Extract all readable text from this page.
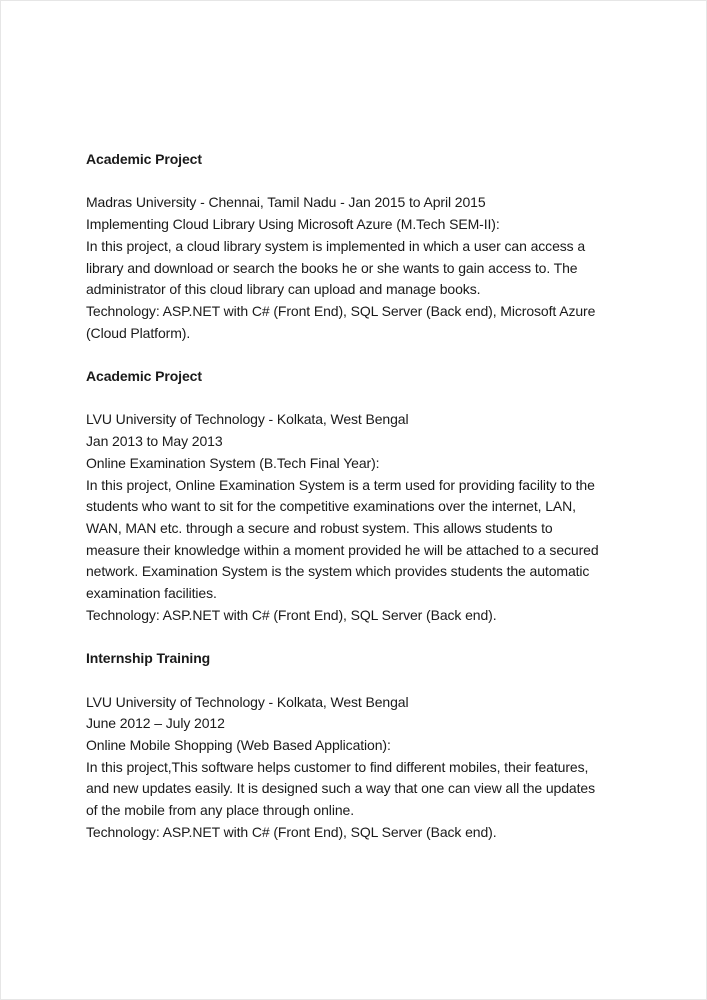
Academic Project

Madras University - Chennai, Tamil Nadu - Jan 2015 to April 2015

Implementing Cloud Library Using Microsoft Azure (M.Tech SEM-II):

In this project, a cloud library system is implemented in which a user can access a

library and download or search the books he or she wants to gain access to. The

administrator of this cloud library can upload and manage books.

Technology: ASP.NET with C# (Front End), SQL Server (Back end), Microsoft Azure

(Cloud Platform).

Academic Project

LVU University of Technology - Kolkata, West Bengal

Jan 2013 to May 2013

Online Examination System (B.Tech Final Year):

In this project, Online Examination System is a term used for providing facility to the

students who want to sit for the competitive examinations over the internet, LAN,

WAN, MAN etc. through a secure and robust system. This allows students to

measure their knowledge within a moment provided he will be attached to a secured

network. Examination System is the system which provides students the automatic

examination facilities.

Technology: ASP.NET with C# (Front End), SQL Server (Back end).

Internship Training

LVU University of Technology - Kolkata, West Bengal

June 2012 – July 2012

Online Mobile Shopping (Web Based Application):

In this project,This software helps customer to find different mobiles, their features,

and new updates easily. It is designed such a way that one can view all the updates

of the mobile from any place through online.

Technology: ASP.NET with C# (Front End), SQL Server (Back end).
